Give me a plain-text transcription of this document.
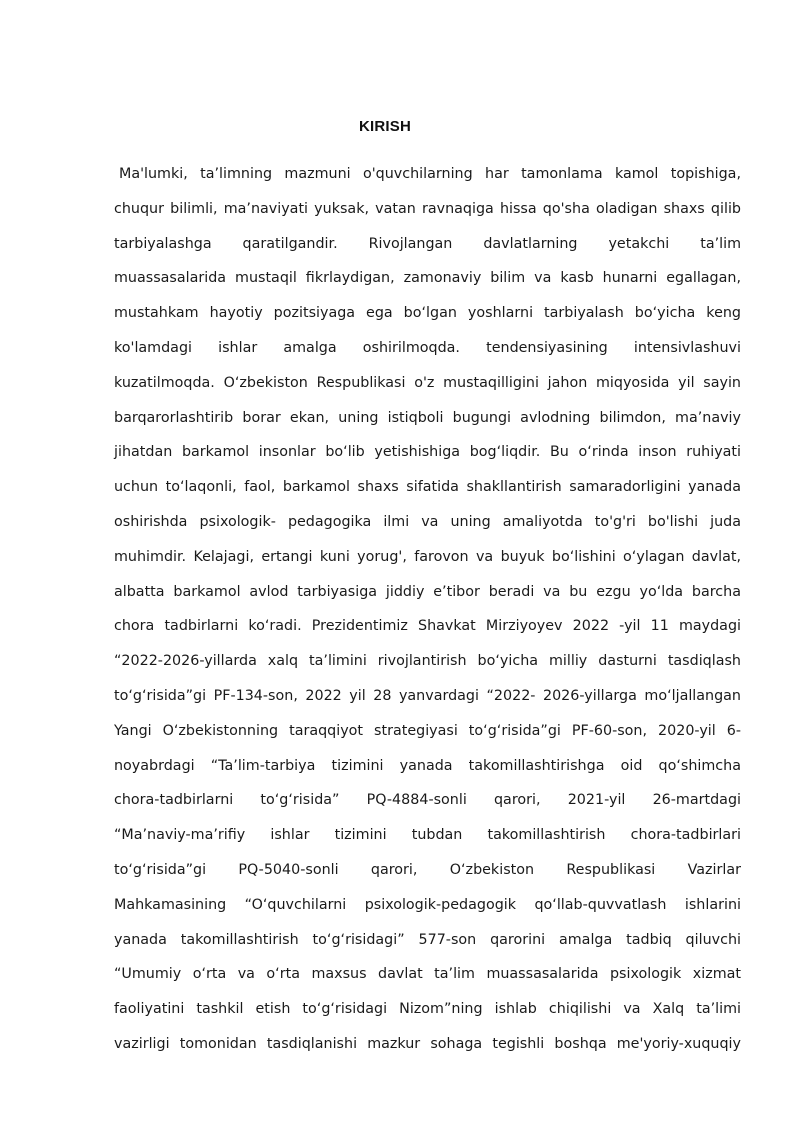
KIRISH
Ma'lumki, ta’limning mazmuni o'quvchilarning har tamonlama kamol topishiga,
chuqur bilimli, ma’naviyati yuksak, vatan ravnaqiga hissa qo'sha oladigan shaxs qilib
tarbiyalashga qaratilgandir. Rivojlangan davlatlarning yetakchi ta’lim
muassasalarida mustaqil fikrlaydigan, zamonaviy bilim va kasb hunarni egallagan,
mustahkam hayotiy pozitsiyaga ega bo‘lgan yoshlarni tarbiyalash bo‘yicha keng
ko'lamdagi ishlar amalga oshirilmoqda. tendensiyasining intensivlashuvi
kuzatilmoqda. O‘zbekiston Respublikasi o'z mustaqilligini jahon miqyosida yil sayin
barqarorlashtirib borar ekan, uning istiqboli bugungi avlodning bilimdon, ma’naviy
jihatdan barkamol insonlar bo‘lib yetishishiga bog‘liqdir. Bu o‘rinda inson ruhiyati
uchun to‘laqonli, faol, barkamol shaxs sifatida shakllantirish samaradorligini yanada
oshirishda psixologik- pedagogika ilmi va uning amaliyotda to'g'ri bo'lishi juda
muhimdir. Kelajagi, ertangi kuni yorug', farovon va buyuk bo‘lishini o‘ylagan davlat,
albatta barkamol avlod tarbiyasiga jiddiy e’tibor beradi va bu ezgu yo‘lda barcha
chora tadbirlarni ko‘radi. Prezidentimiz Shavkat Mirziyoyev 2022 -yil 11 maydagi
“2022-2026-yillarda xalq ta’limini rivojlantirish bo‘yicha milliy dasturni tasdiqlash
to‘g‘risida”gi PF-134-son, 2022 yil 28 yanvardagi “2022- 2026-yillarga mo‘ljallangan
Yangi O‘zbekistonning taraqqiyot strategiyasi to‘g‘risida”gi PF-60-son, 2020-yil 6-
noyabrdagi “Ta’lim-tarbiya tizimini yanada takomillashtirishga oid qo‘shimcha
chora-tadbirlarni to‘g‘risida” PQ-4884-sonli qarori, 2021-yil 26-martdagi
“Ma’naviy-ma’rifiy ishlar tizimini tubdan takomillashtirish chora-tadbirlari
to‘g‘risida”gi PQ-5040-sonli qarori, O‘zbekiston Respublikasi Vazirlar
Mahkamasining “O‘quvchilarni psixologik-pedagogik qo‘llab-quvvatlash ishlarini
yanada takomillashtirish to‘g‘risidagi” 577-son qarorini amalga tadbiq qiluvchi
“Umumiy o‘rta va o‘rta maxsus davlat ta’lim muassasalarida psixologik xizmat
faoliyatini tashkil etish to‘g‘risidagi Nizom”ning ishlab chiqilishi va Xalq ta’limi
vazirligi tomonidan tasdiqlanishi mazkur sohaga tegishli boshqa me'yoriy-xuquqiy
